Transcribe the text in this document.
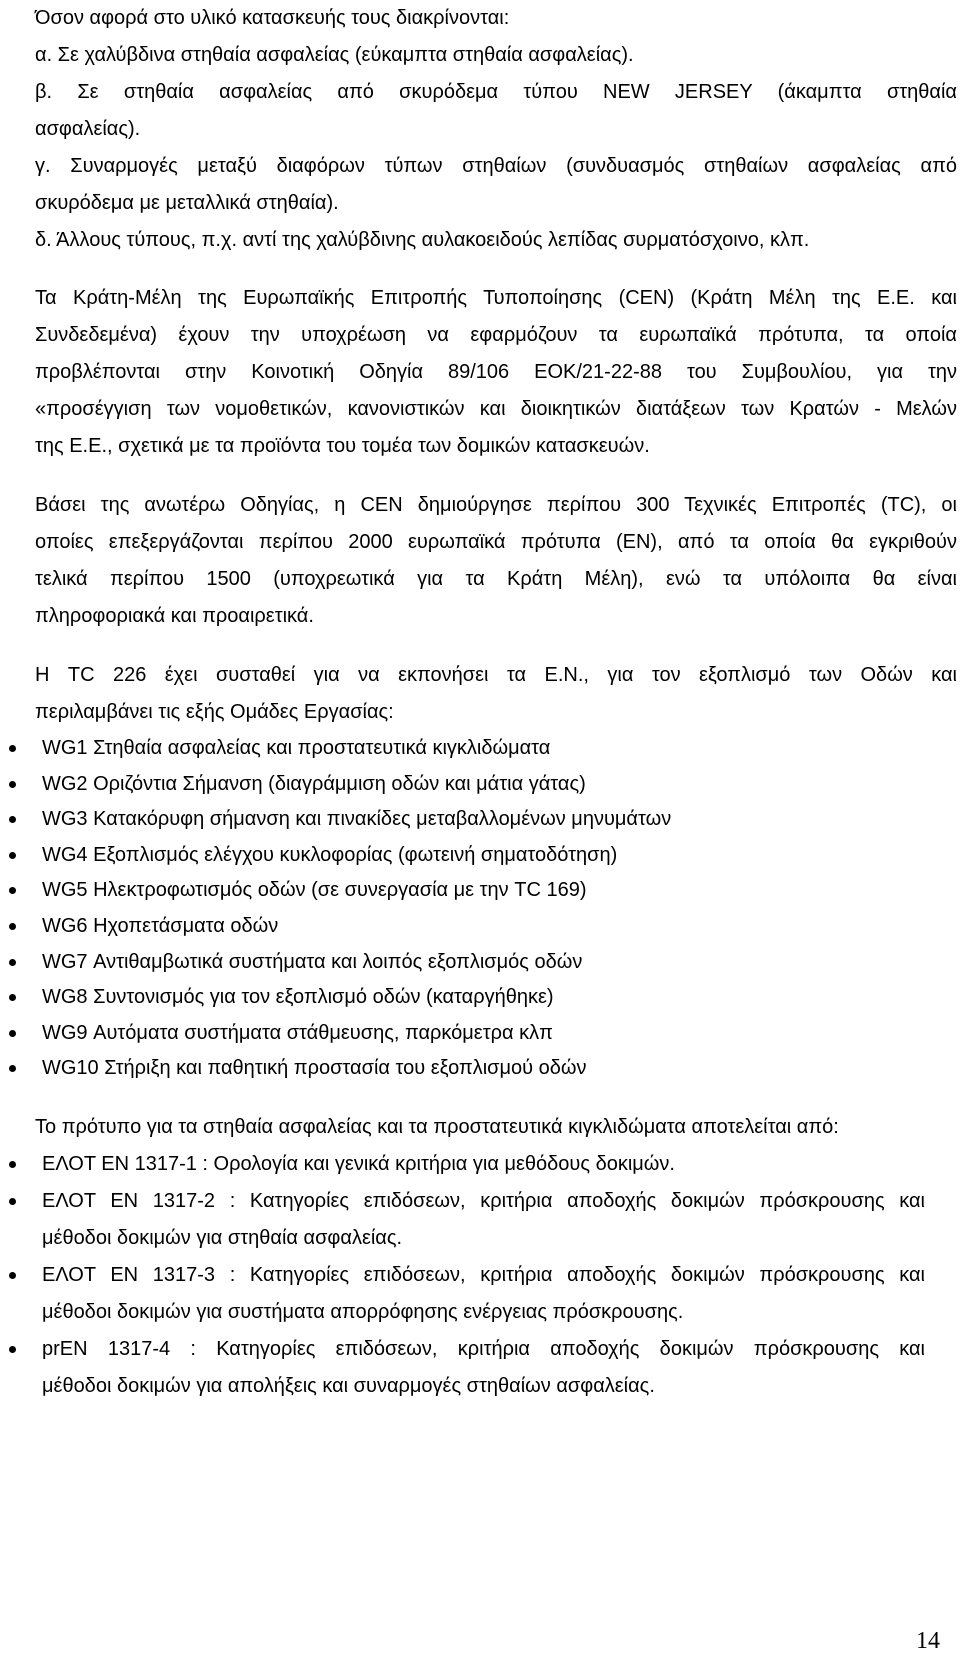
Όσον αφορά στο υλικό κατασκευής τους διακρίνονται:
α. Σε χαλύβδινα στηθαία ασφαλείας (εύκαμπτα στηθαία ασφαλείας).
β. Σε στηθαία ασφαλείας από σκυρόδεμα τύπου NEW JERSEY (άκαμπτα στηθαία
ασφαλείας).
γ. Συναρμογές μεταξύ διαφόρων τύπων στηθαίων (συνδυασμός στηθαίων ασφαλείας από
σκυρόδεμα με μεταλλικά στηθαία).
δ. Άλλους τύπους, π.χ. αντί της χαλύβδινης αυλακοειδούς λεπίδας συρματόσχοινο, κλπ.
Τα Κράτη-Μέλη της Ευρωπαϊκής Επιτροπής Τυποποίησης (CEN) (Κράτη Μέλη της Ε.Ε. και
Συνδεδεμένα) έχουν την υποχρέωση να εφαρμόζουν τα ευρωπαϊκά πρότυπα, τα οποία
προβλέπονται στην Κοινοτική Οδηγία 89/106 ΕΟΚ/21-22-88 του Συμβουλίου, για την
«προσέγγιση των νομοθετικών, κανονιστικών και διοικητικών διατάξεων των Κρατών - Μελών
της Ε.Ε., σχετικά με τα προϊόντα του τομέα των δομικών κατασκευών.
Βάσει της ανωτέρω Οδηγίας, η CEN δημιούργησε περίπου 300 Τεχνικές Επιτροπές (TC), οι
οποίες επεξεργάζονται περίπου 2000 ευρωπαϊκά πρότυπα (EN), από τα οποία θα εγκριθούν
τελικά περίπου 1500 (υποχρεωτικά για τα Κράτη Μέλη), ενώ τα υπόλοιπα θα είναι
πληροφοριακά και προαιρετικά.
Η TC 226 έχει συσταθεί για να εκπονήσει τα Ε.Ν., για τον εξοπλισμό των Οδών και
περιλαμβάνει τις εξής Ομάδες Εργασίας:
WG1 Στηθαία ασφαλείας και προστατευτικά κιγκλιδώματα
WG2 Οριζόντια Σήμανση (διαγράμμιση οδών και μάτια γάτας)
WG3 Κατακόρυφη σήμανση και πινακίδες μεταβαλλομένων μηνυμάτων
WG4 Εξοπλισμός ελέγχου κυκλοφορίας (φωτεινή σηματοδότηση)
WG5 Ηλεκτροφωτισμός οδών (σε συνεργασία με την TC 169)
WG6 Ηχοπετάσματα οδών
WG7 Αντιθαμβωτικά συστήματα και λοιπός εξοπλισμός οδών
WG8 Συντονισμός για τον εξοπλισμό οδών (καταργήθηκε)
WG9 Αυτόματα συστήματα στάθμευσης, παρκόμετρα κλπ
WG10 Στήριξη και παθητική προστασία του εξοπλισμού οδών
Το πρότυπο για τα στηθαία ασφαλείας και τα προστατευτικά κιγκλιδώματα αποτελείται από:
ΕΛΟΤ ΕΝ 1317-1 : Ορολογία και γενικά κριτήρια για μεθόδους δοκιμών.
ΕΛΟΤ ΕΝ 1317-2 : Κατηγορίες επιδόσεων, κριτήρια αποδοχής δοκιμών πρόσκρουσης και
μέθοδοι δοκιμών για στηθαία ασφαλείας.
ΕΛΟΤ ΕΝ 1317-3 : Κατηγορίες επιδόσεων, κριτήρια αποδοχής δοκιμών πρόσκρουσης και
μέθοδοι δοκιμών για συστήματα απορρόφησης ενέργειας πρόσκρουσης.
prEN 1317-4 : Κατηγορίες επιδόσεων, κριτήρια αποδοχής δοκιμών πρόσκρουσης και
μέθοδοι δοκιμών για απολήξεις και συναρμογές στηθαίων ασφαλείας.
14
